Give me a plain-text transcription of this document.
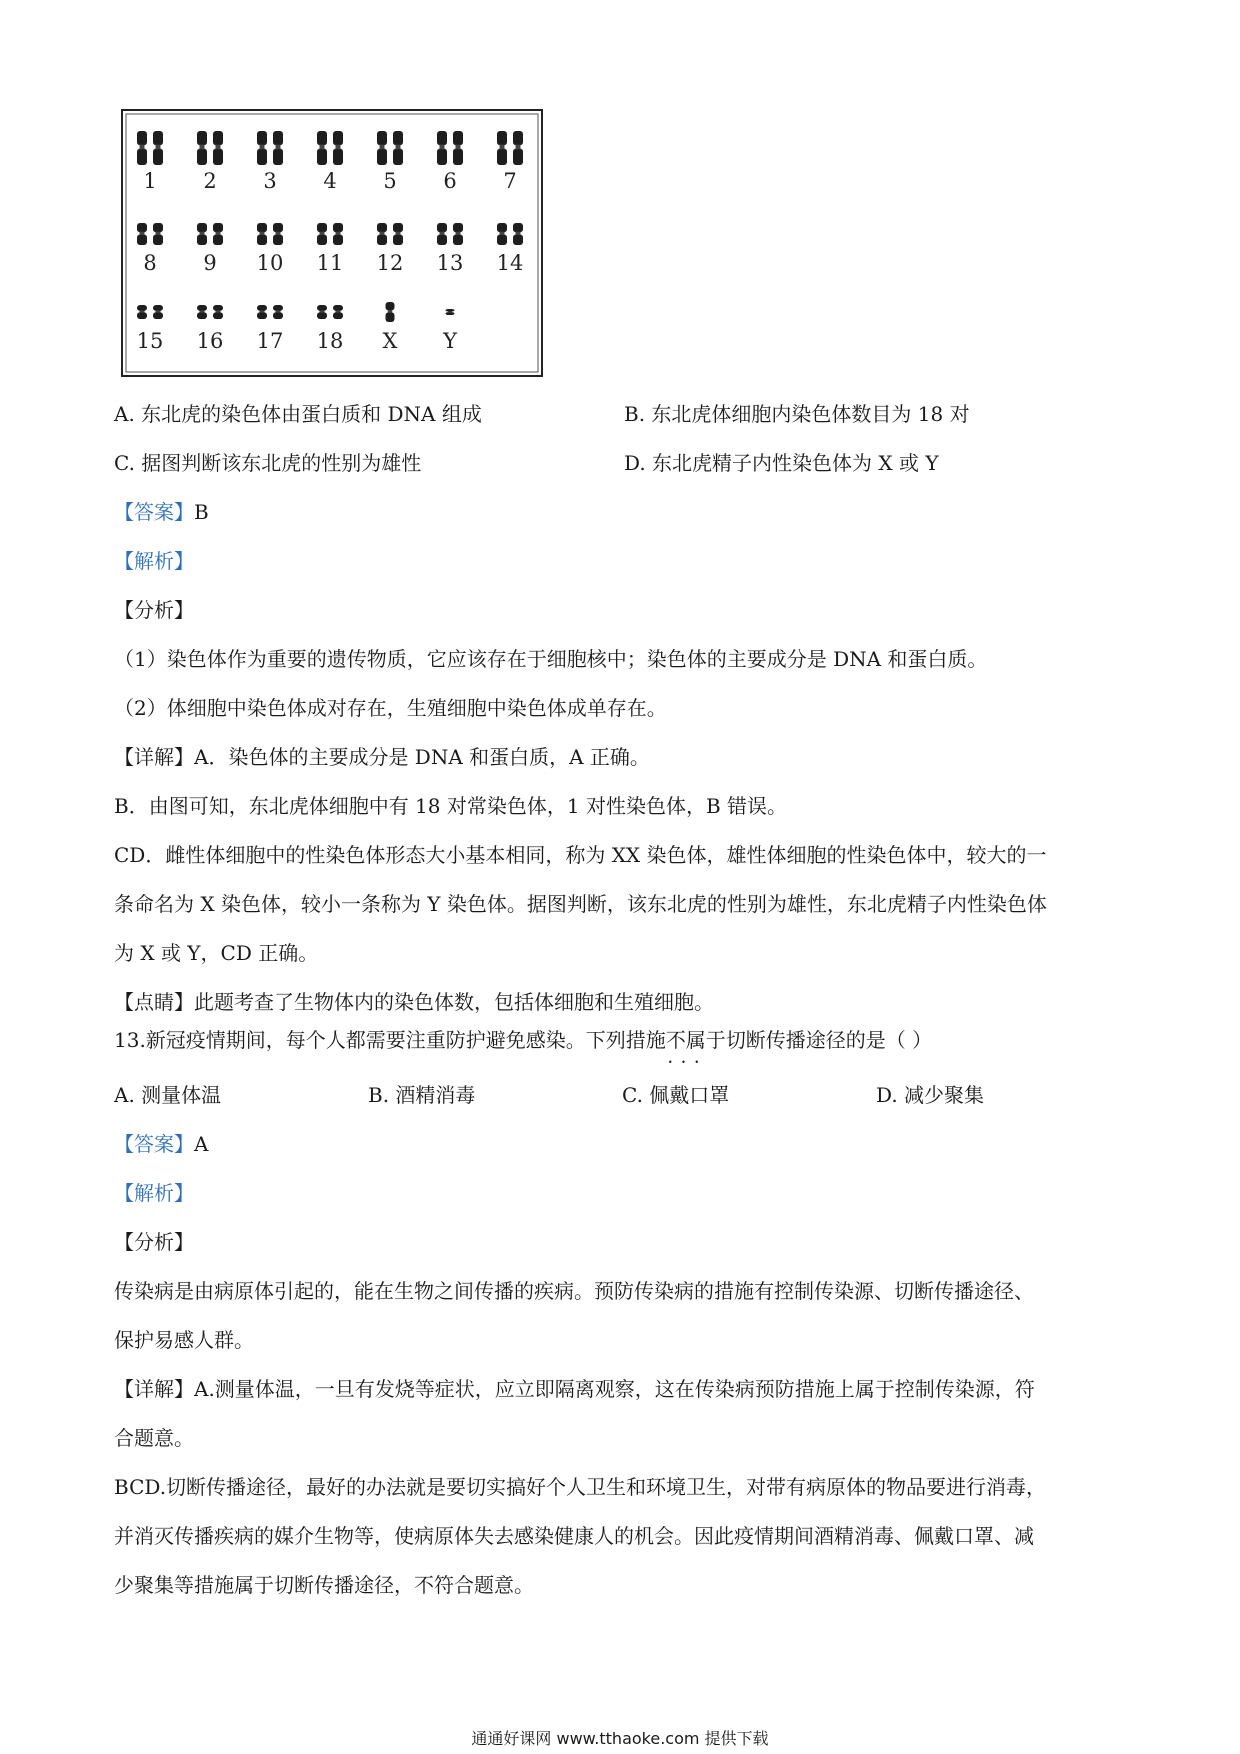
1 2 3 4 5 6 7
8 9 10 11 12 13 14
15 16 17 18 X Y
A. 东北虎的染色体由蛋白质和 DNA 组成	B. 东北虎体细胞内染色体数目为 18 对
C. 据图判断该东北虎的性别为雄性	D. 东北虎精子内性染色体为 X 或 Y
【答案】B
【解析】
【分析】
（1）染色体作为重要的遗传物质，它应该存在于细胞核中；染色体的主要成分是 DNA 和蛋白质。
（2）体细胞中染色体成对存在，生殖细胞中染色体成单存在。
【详解】A．染色体的主要成分是 DNA 和蛋白质，A 正确。
B．由图可知，东北虎体细胞中有 18 对常染色体，1 对性染色体，B 错误。
CD．雌性体细胞中的性染色体形态大小基本相同，称为 XX 染色体，雄性体细胞的性染色体中，较大的一
条命名为 X 染色体，较小一条称为 Y 染色体。据图判断，该东北虎的性别为雄性，东北虎精子内性染色体
为 X 或 Y，CD 正确。
【点睛】此题考查了生物体内的染色体数，包括体细胞和生殖细胞。
13.新冠疫情期间，每个人都需要注重防护避免感染。下列措施不属于 • • •切断传播途径的是（ ）
A. 测量体温	B. 酒精消毒	C. 佩戴口罩	D. 减少聚集
【答案】A
【解析】
【分析】
传染病是由病原体引起的，能在生物之间传播的疾病。预防传染病的措施有控制传染源、切断传播途径、
保护易感人群。
【详解】A.测量体温，一旦有发烧等症状，应立即隔离观察，这在传染病预防措施上属于控制传染源，符
合题意。
BCD.切断传播途径，最好的办法就是要切实搞好个人卫生和环境卫生，对带有病原体的物品要进行消毒，
并消灭传播疾病的媒介生物等，使病原体失去感染健康人的机会。因此疫情期间酒精消毒、佩戴口罩、减
少聚集等措施属于切断传播途径，不符合题意。
通通好课网 www.tthaoke.com 提供下载
